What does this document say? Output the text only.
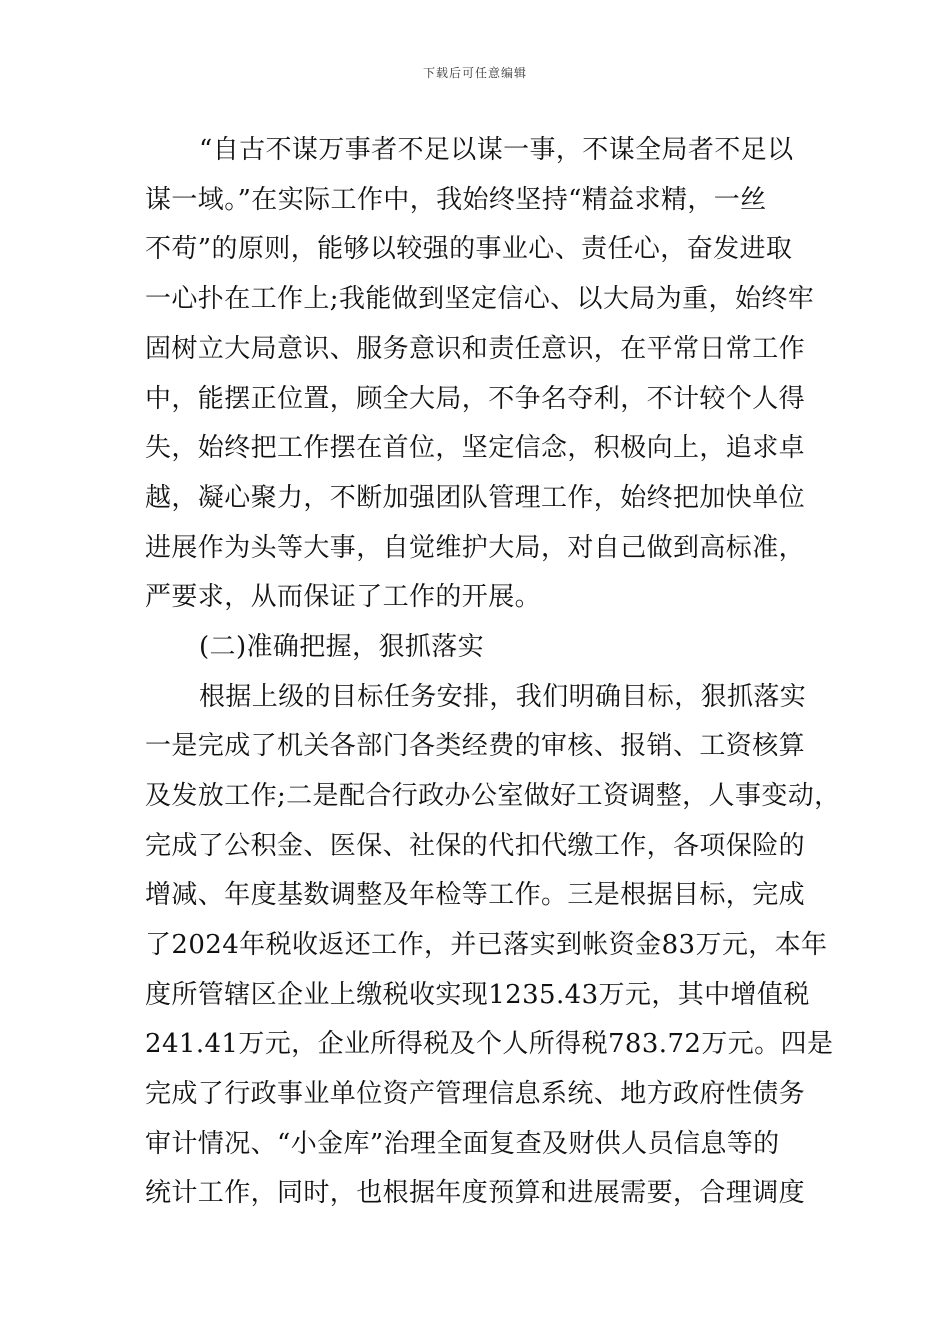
下载后可任意编辑
“自古不谋万事者不足以谋一事，不谋全局者不足以
谋一域。”在实际工作中，我始终坚持“精益求精，一丝
不苟”的原则，能够以较强的事业心、责任心，奋发进取
一心扑在工作上;我能做到坚定信心、以大局为重，始终牢
固树立大局意识、服务意识和责任意识，在平常日常工作
中，能摆正位置，顾全大局，不争名夺利，不计较个人得
失，始终把工作摆在首位，坚定信念，积极向上，追求卓
越，凝心聚力，不断加强团队管理工作，始终把加快单位
进展作为头等大事，自觉维护大局，对自己做到高标准，
严要求，从而保证了工作的开展。
(二)准确把握，狠抓落实
根据上级的目标任务安排，我们明确目标，狠抓落实
一是完成了机关各部门各类经费的审核、报销、工资核算
及发放工作;二是配合行政办公室做好工资调整，人事变动，
完成了公积金、医保、社保的代扣代缴工作，各项保险的
增减、年度基数调整及年检等工作。三是根据目标，完成
了2024年税收返还工作，并已落实到帐资金83万元，本年
度所管辖区企业上缴税收实现1235.43万元，其中增值税
241.41万元，企业所得税及个人所得税783.72万元。四是
完成了行政事业单位资产管理信息系统、地方政府性债务
审计情况、“小金库”治理全面复查及财供人员信息等的
统计工作，同时，也根据年度预算和进展需要，合理调度
